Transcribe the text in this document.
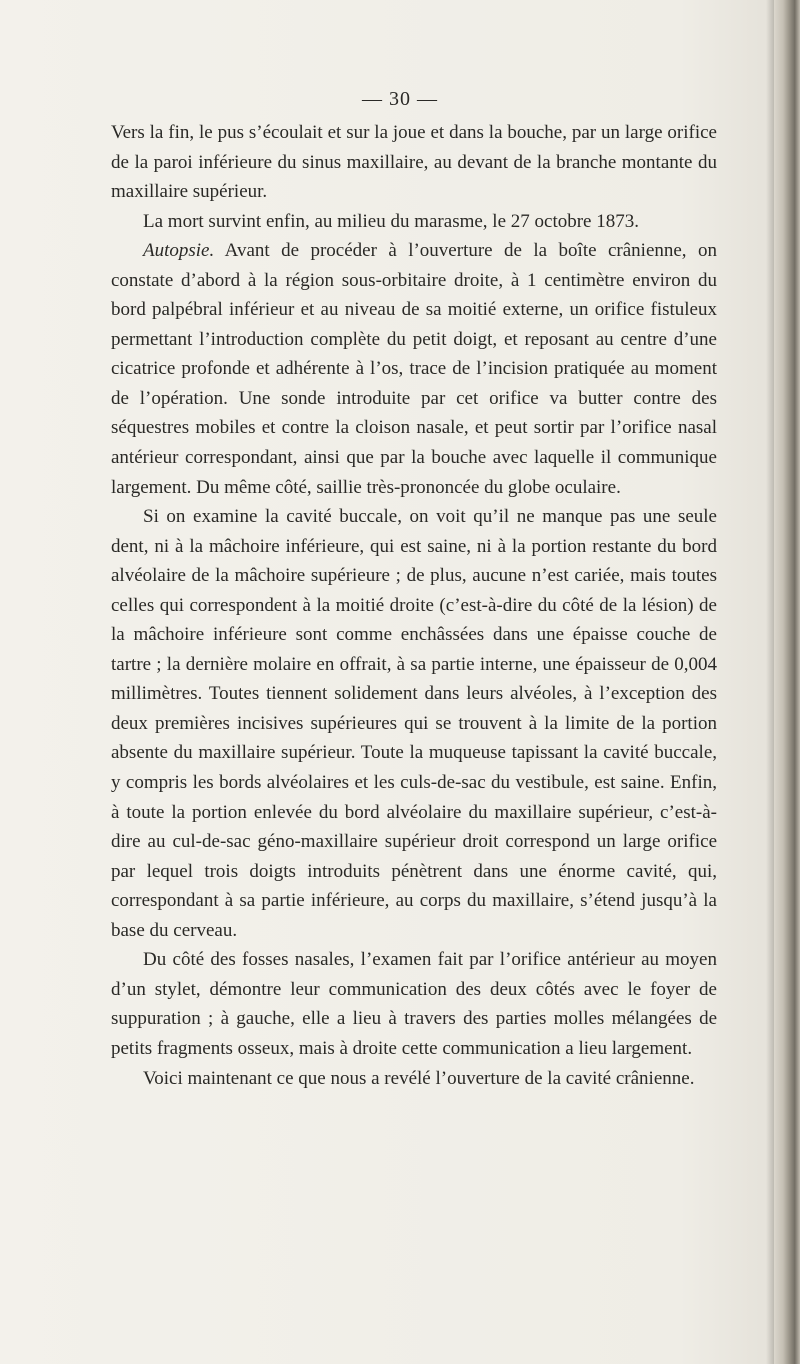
— 30 —

Vers la fin, le pus s’écoulait et sur la joue et dans la bouche, par un large orifice de la paroi inférieure du sinus maxillaire, au devant de la branche montante du maxillaire supérieur.

La mort survint enfin, au milieu du marasme, le 27 octobre 1873.

Autopsie. Avant de procéder à l’ouverture de la boîte crânienne, on constate d’abord à la région sous-orbitaire droite, à 1 centimètre environ du bord palpébral inférieur et au niveau de sa moitié externe, un orifice fistuleux permettant l’introduction complète du petit doigt, et reposant au centre d’une cicatrice profonde et adhérente à l’os, trace de l’incision pratiquée au moment de l’opération. Une sonde introduite par cet orifice va butter contre des séquestres mobiles et contre la cloison nasale, et peut sortir par l’orifice nasal antérieur correspondant, ainsi que par la bouche avec laquelle il communique largement. Du même côté, saillie très-prononcée du globe oculaire.

Si on examine la cavité buccale, on voit qu’il ne manque pas une seule dent, ni à la mâchoire inférieure, qui est saine, ni à la portion restante du bord alvéolaire de la mâchoire supérieure ; de plus, aucune n’est cariée, mais toutes celles qui correspondent à la moitié droite (c’est-à-dire du côté de la lésion) de la mâchoire inférieure sont comme enchâssées dans une épaisse couche de tartre ; la dernière molaire en offrait, à sa partie interne, une épaisseur de 0,004 millimètres. Toutes tiennent solidement dans leurs alvéoles, à l’exception des deux premières incisives supérieures qui se trouvent à la limite de la portion absente du maxillaire supérieur. Toute la muqueuse tapissant la cavité buccale, y compris les bords alvéolaires et les culs-de-sac du vestibule, est saine. Enfin, à toute la portion enlevée du bord alvéolaire du maxillaire supérieur, c’est-à-dire au cul-de-sac géno-maxillaire supérieur droit correspond un large orifice par lequel trois doigts introduits pénètrent dans une énorme cavité, qui, correspondant à sa partie inférieure, au corps du maxillaire, s’étend jusqu’à la base du cerveau.

Du côté des fosses nasales, l’examen fait par l’orifice antérieur au moyen d’un stylet, démontre leur communication des deux côtés avec le foyer de suppuration ; à gauche, elle a lieu à travers des parties molles mélangées de petits fragments osseux, mais à droite cette communication a lieu largement.

Voici maintenant ce que nous a revélé l’ouverture de la cavité crânienne.
